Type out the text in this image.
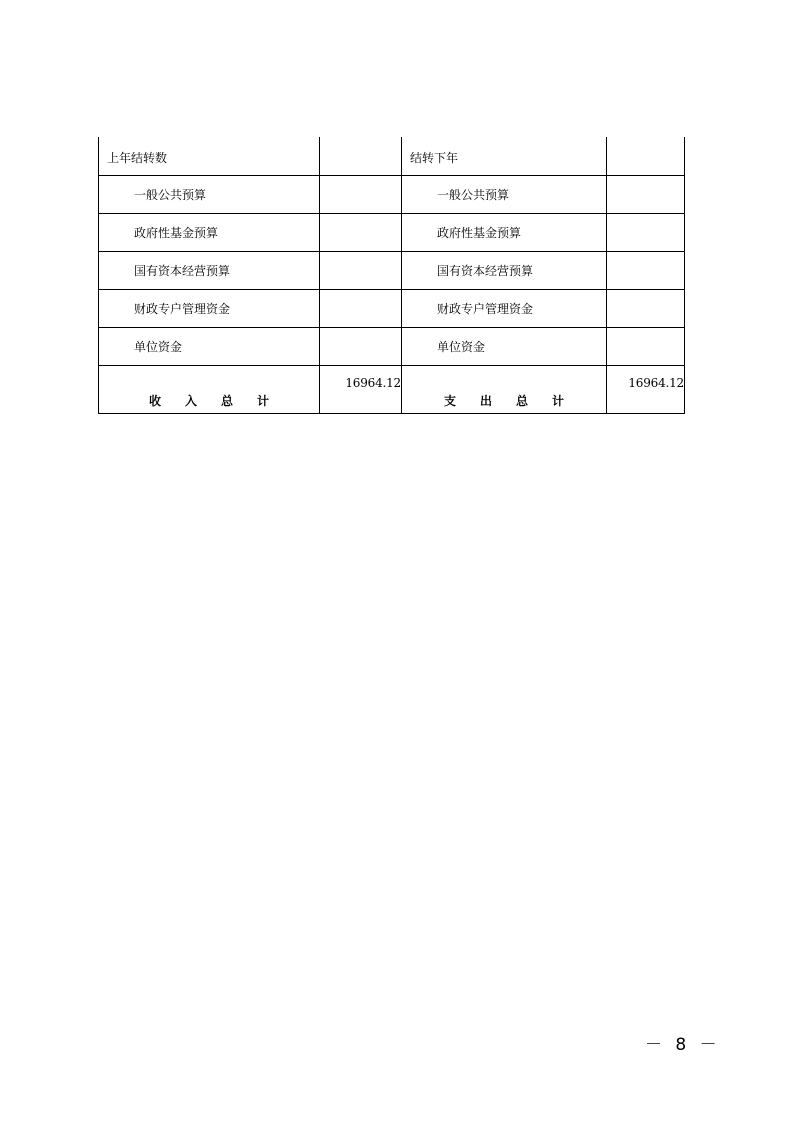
上年结转数		结转下年	
一般公共预算		一般公共预算	
政府性基金预算		政府性基金预算	
国有资本经营预算		国有资本经营预算	
财政专户管理资金		财政专户管理资金	
单位资金		单位资金	
收入总计	16964.12	支出总计	16964.12
－ 8 －
